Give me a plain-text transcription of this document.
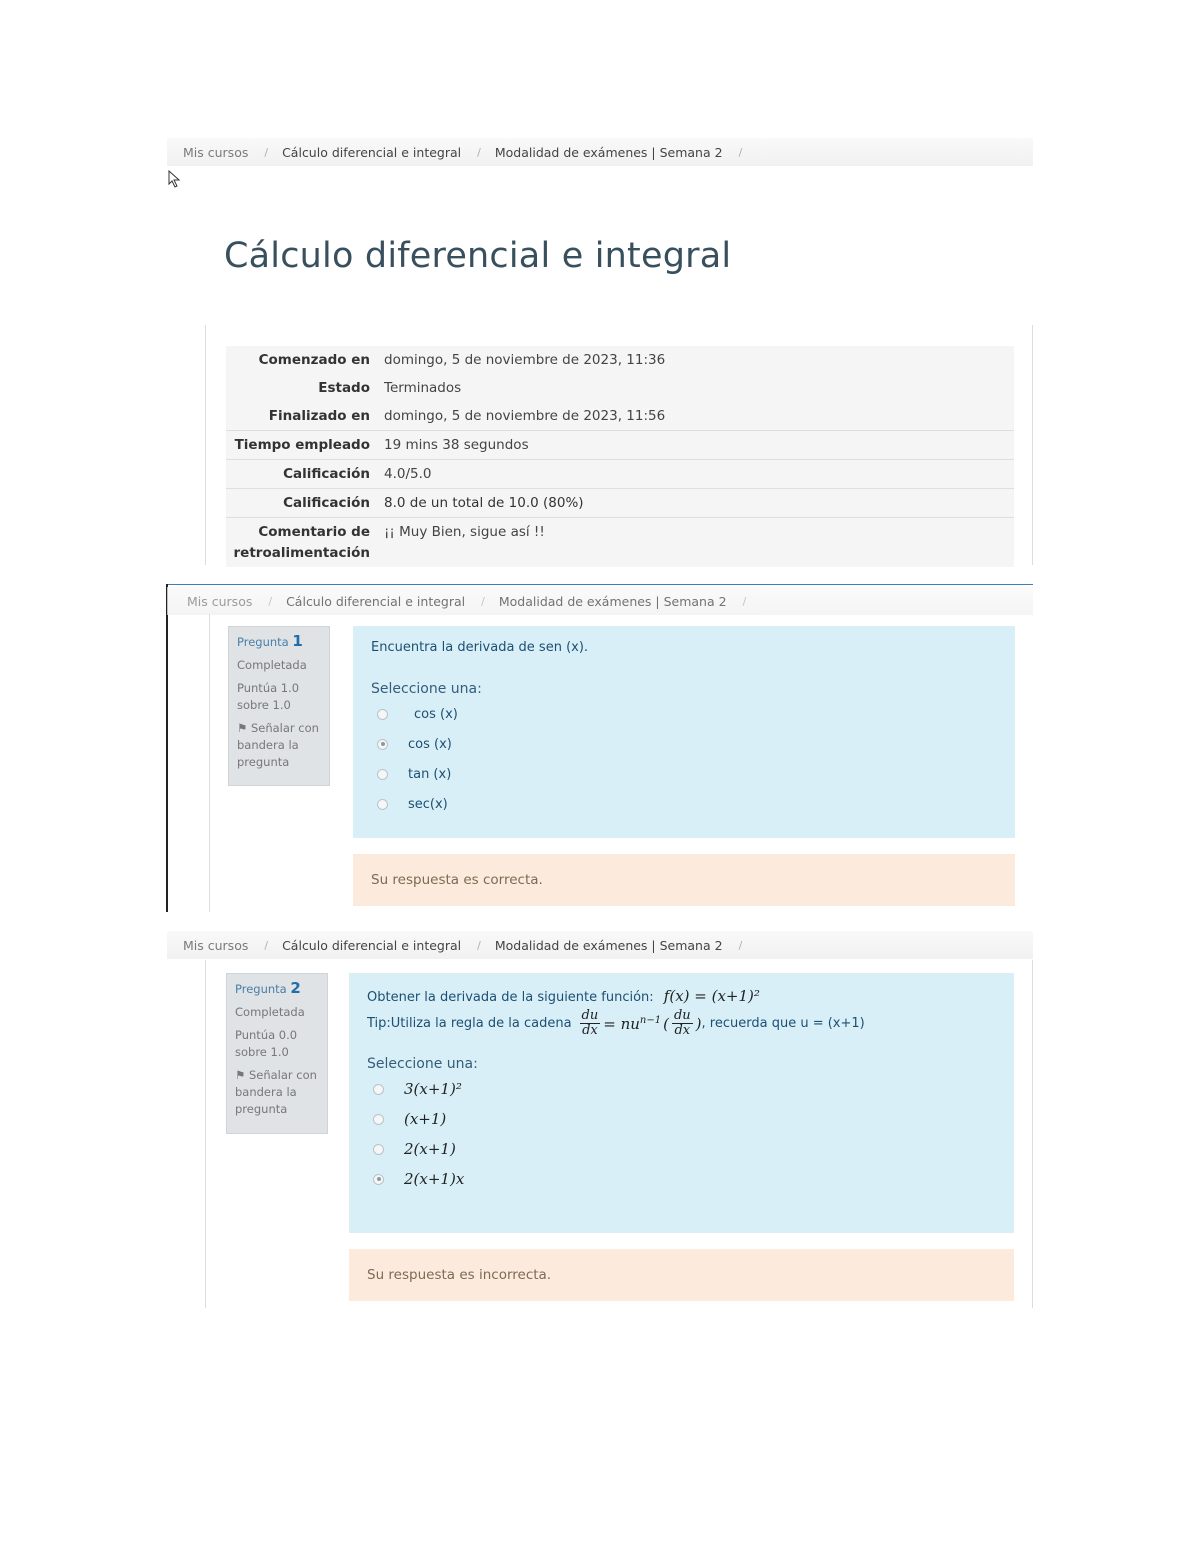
Mis cursos / Cálculo diferencial e integral / Modalidad de exámenes | Semana 2 /
Cálculo diferencial e integral
Comenzado en	domingo, 5 de noviembre de 2023, 11:36
Estado	Terminados
Finalizado en	domingo, 5 de noviembre de 2023, 11:56
Tiempo empleado	19 mins 38 segundos
Calificación	4.0/5.0
Calificación	8.0 de un total de 10.0 (80%)
Comentario de retroalimentación	¡¡ Muy Bien, sigue así !!
Mis cursos / Cálculo diferencial e integral / Modalidad de exámenes | Semana 2 /
Pregunta 1
Completada
Puntúa 1.0 sobre 1.0
⚑ Señalar con bandera la pregunta
Encuentra la derivada de sen (x).
Seleccione una:
cos (x)
cos (x)
tan (x)
sec(x)
Su respuesta es correcta.
Mis cursos / Cálculo diferencial e integral / Modalidad de exámenes | Semana 2 /
Pregunta 2
Completada
Puntúa 0.0 sobre 1.0
⚑ Señalar con bandera la pregunta
Obtener la derivada de la siguiente función: f(x) = (x+1)²
Tip:Utiliza la regla de la cadena $\frac{du}{dx} = nu^{n-1}$ ( $\frac{du}{dx}$ ) , recuerda que u = (x+1)
Seleccione una:
3(x+1)²
(x+1)
2(x+1)
2(x+1)x
Su respuesta es incorrecta.
